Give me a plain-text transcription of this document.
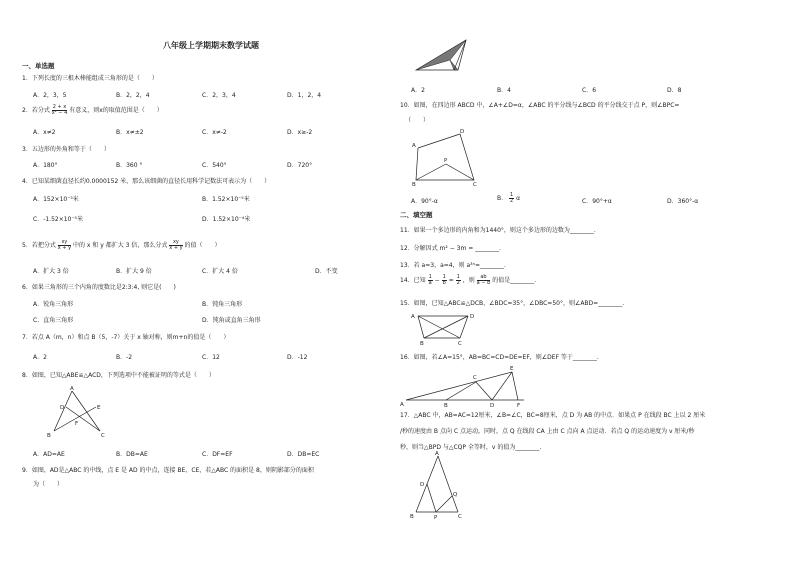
八年级上学期期末数学试题
一、单选题
1．下列长度的三根木棒能组成三角形的是（　　）
A．2，3，5	B．2，2，4	C．2，3，4	D．1，2，4
2．若分式 $\frac{2 + x}{\text{x² − 4}}$ 有意义，则x的取值范围是（　　）
A．x≠2	B．x≠±2	C．x≠-2	D．x≥-2
3．五边形的外角和等于（　　）
A．180°	B．360 °	C．540°	D．720°
4．已知某细菌直径长约0.0000152 米，那么该细菌的直径长用科学记数法可表示为（　　）
A．152×10⁻⁵米	B．1.52×10⁻⁵米
C．-1.52×10⁻⁵米	D．1.52×10⁻⁴米
5．若把分式 $\frac{xy}{x + y}$ 中的 x 和 y 都扩大 3 倍，那么分式 $\frac{xy}{x + y}$ 的值（　　）
A．扩大 3 倍	B．扩大 9 倍	C．扩大 4 倍	D．不变
6．如果三角形的三个内角的度数比是2:3:4, 则它是(　　)
A．锐角三角形	B．钝角三角形
C．直角三角形	D．钝角或直角三角形
7．若点 A（m，n）和点 B（5，-7）关于 x 轴对称，则m+n的值是（　　）
A．2	B．-2	C．12	D．-12
8．如图，已知△ABE≌△ACD，下列选项中不能被证明的等式是（　　）
A
D	E
F
B	C
A．AD=AE	B．DB=AE	C．DF=EF	D．DB=EC
9．如图，AD是△ABC 的中线，点 E 是 AD 的中点，连接 BE、CE，若△ABC 的面积是 8，则阴影部分的面积
为（　　）
A．2	B．4	C．6	D．8
10．如图，在四边形 ABCD 中，∠A+∠D=α，∠ABC 的平分线与∠BCD 的平分线交于点 P，则∠BPC=
（　　）
A
D
P
B	C
A．90°-α	B． $\frac{1}{2}$ α	C．90°+α	D．360°-α
二、填空题
11．如果一个多边形的内角和为1440°，则这个多边形的边数为________.
12．分解因式 m² − 3m = ________.
13．若 a=3，a=4，则 a³ⁿ=________.
14．已知 $\frac{1}{a} - \frac{1}{b} = \frac{1}{2}$ ，则 $\frac{ab}{a - b}$ 的值是________.
15．如图，已知△ABC≌△DCB，∠BDC=35°，∠DBC=50°，则∠ABD=________.
A	D
B	C
16．如图，若∠A=15°，AB=BC=CD=DE=EF，则∠DEF 等于________.
C
E
A	B	D	F
17．△ABC 中，AB=AC=12厘米，∠B=∠C，BC=8厘米，点 D 为 AB 的中点．如果点 P 在线段 BC 上以 2 厘米
/秒的速度由 B 点向 C 点运动，同时，点 Q 在线段 CA 上由 C 点向 A 点运动．若点 Q 的运动速度为 v 厘米/秒
秒，则当△BPD 与△CQP 全等时，v 的值为________.
A
D
Q
B	P	C
